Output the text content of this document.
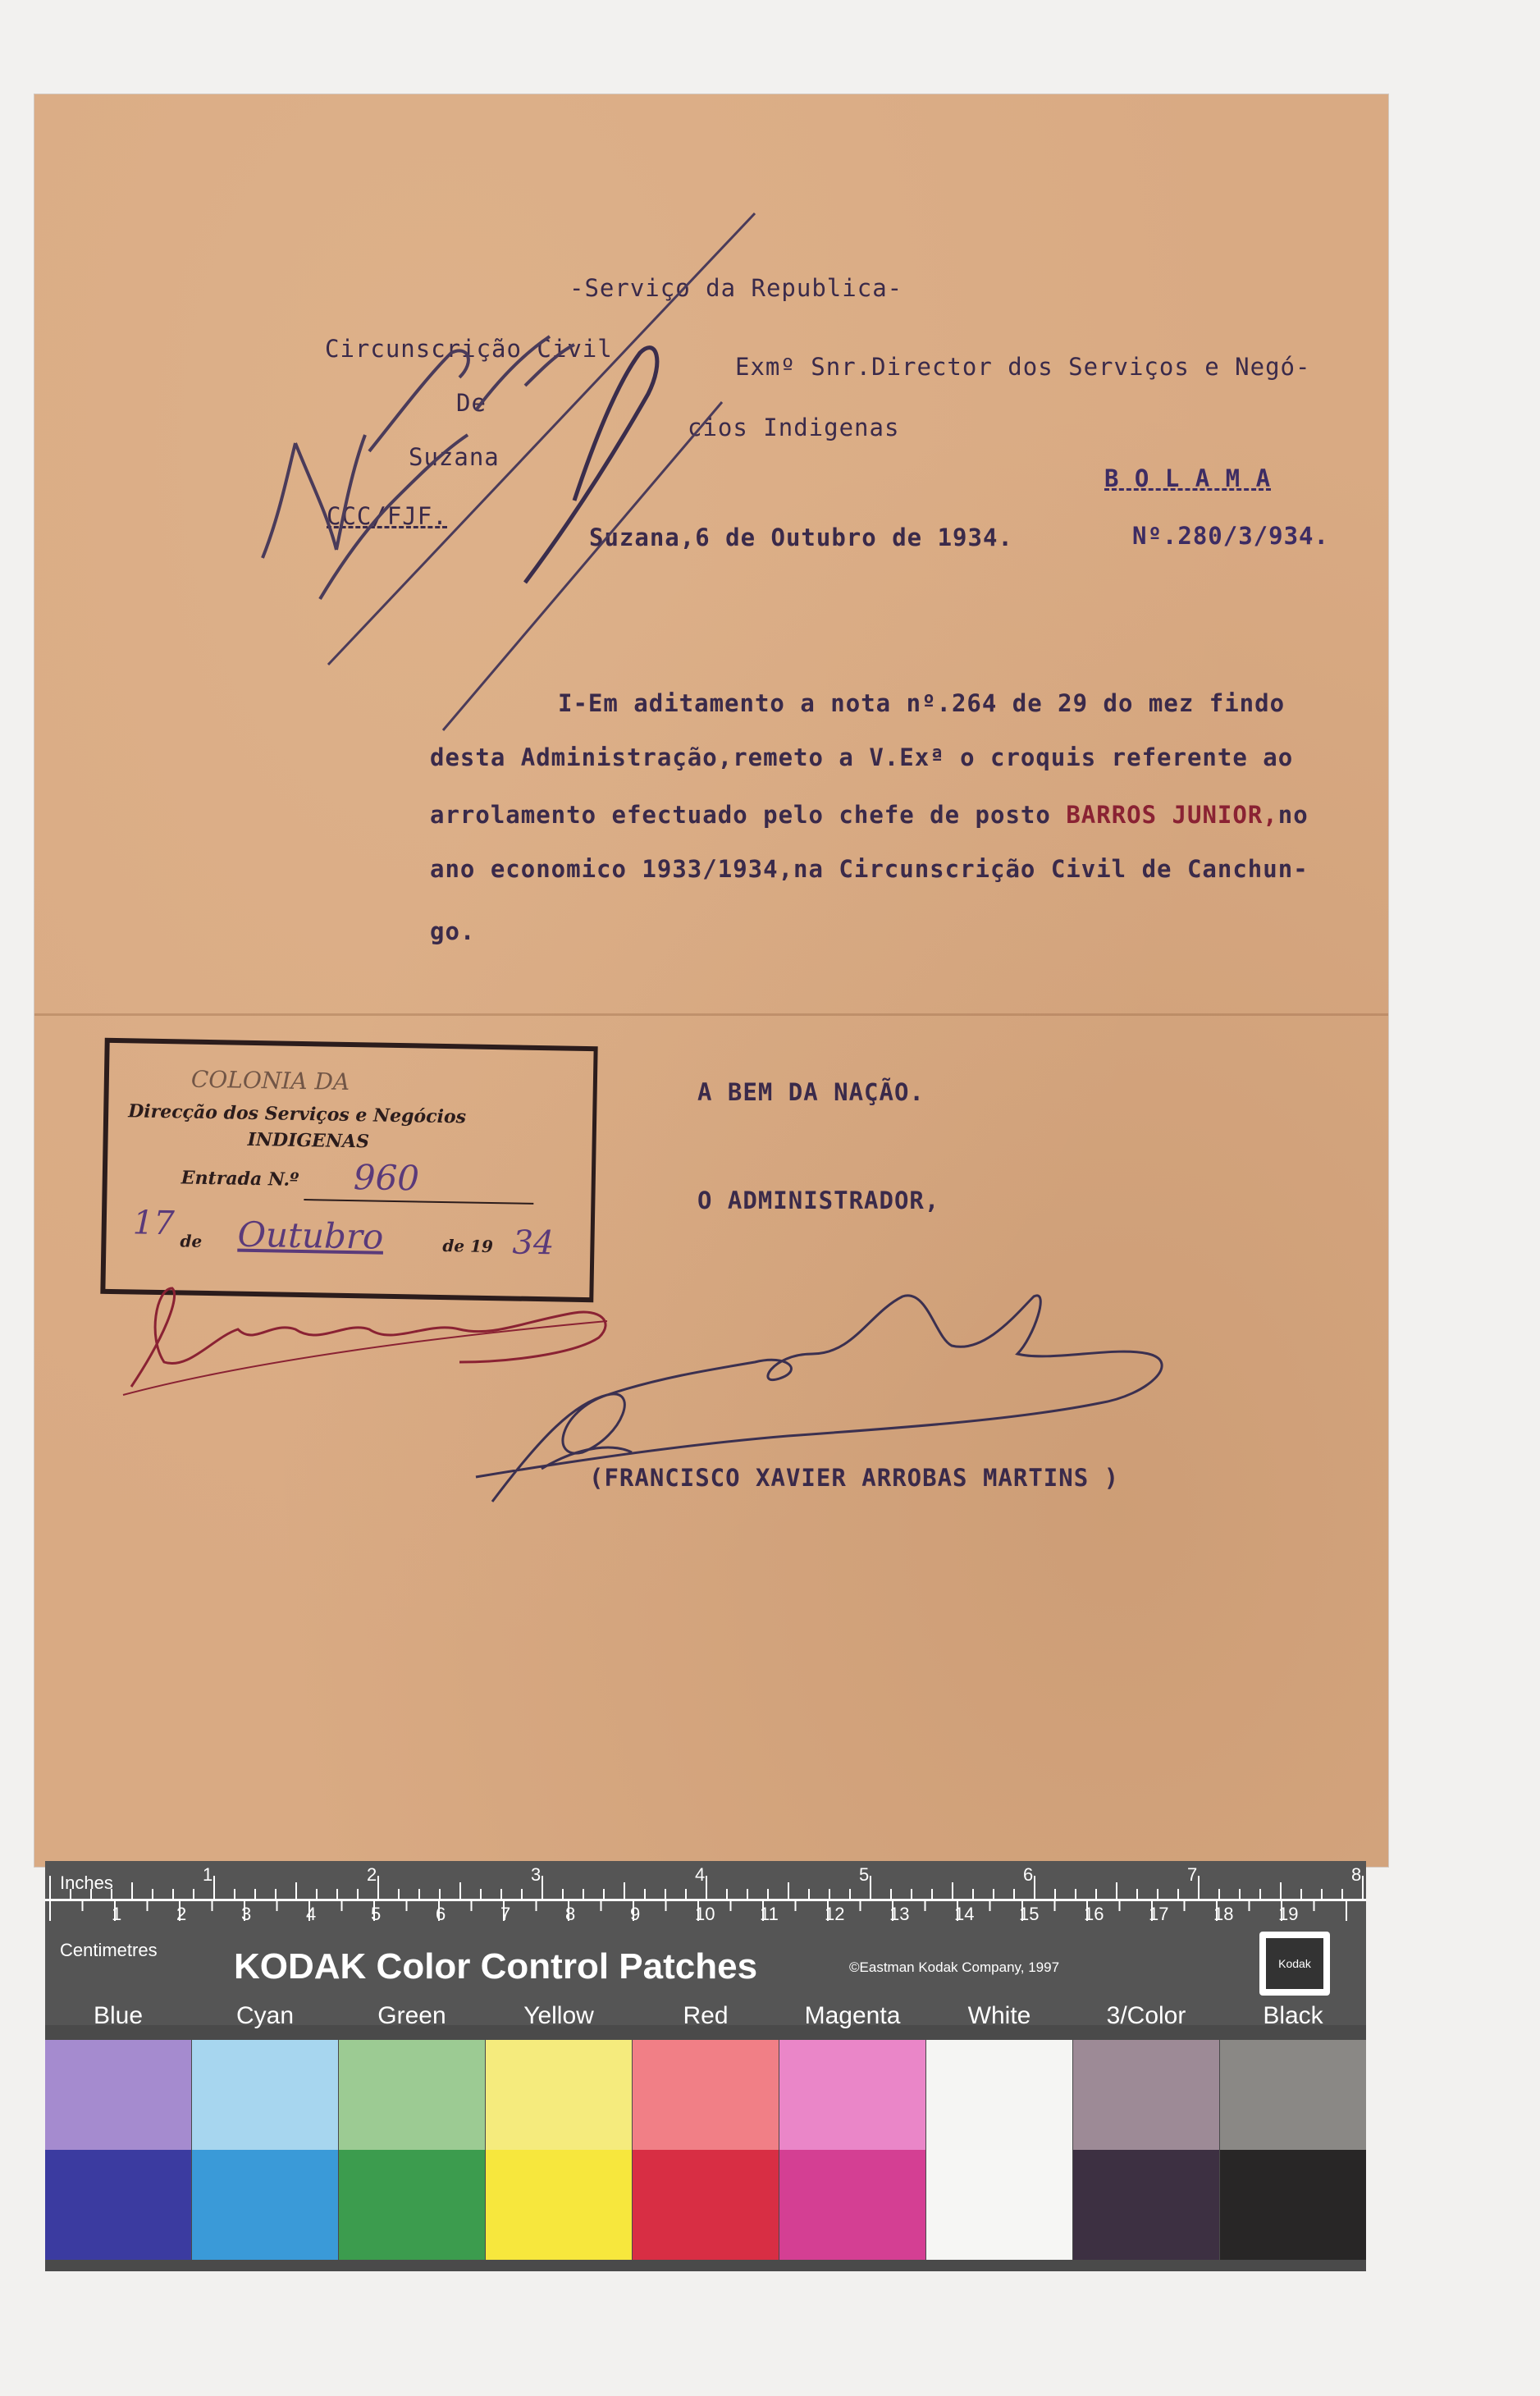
-Serviço da Republica-
Circunscrição Civil
De
Suzana
CCC/FJF.
Exmº Snr.Director dos Serviços e Negó-
cios Indigenas
B O L A M A
Suzana,6 de Outubro de 1934.	Nº.280/3/934.
I-Em aditamento a nota nº.264 de 29 do mez findo
desta Administração,remeto a V.Exª o croquis referente ao
arrolamento efectuado pelo chefe de posto BARROS JUNIOR,no
ano economico 1933/1934,na Circunscrição Civil de Canchun-
go.
A BEM DA NAÇÃO.
O ADMINISTRADOR,
(FRANCISCO XAVIER ARROBAS MARTINS )
COLONIA DA
Direcção dos Serviços e Negócios
INDIGENAS
Entrada N.º 960
17 de Outubro	de 19 34
Inches
Centimetres
1	2	3	4	5	6	7	8
1	2	3	4	5	6	7	8	9	10 11	12 13 14 15 16 17 18 19
KODAK Color Control Patches	©Eastman Kodak Company, 1997	Kodak
Blue	Cyan	Green	Yellow	Red	Magenta	White	3/Color	Black
